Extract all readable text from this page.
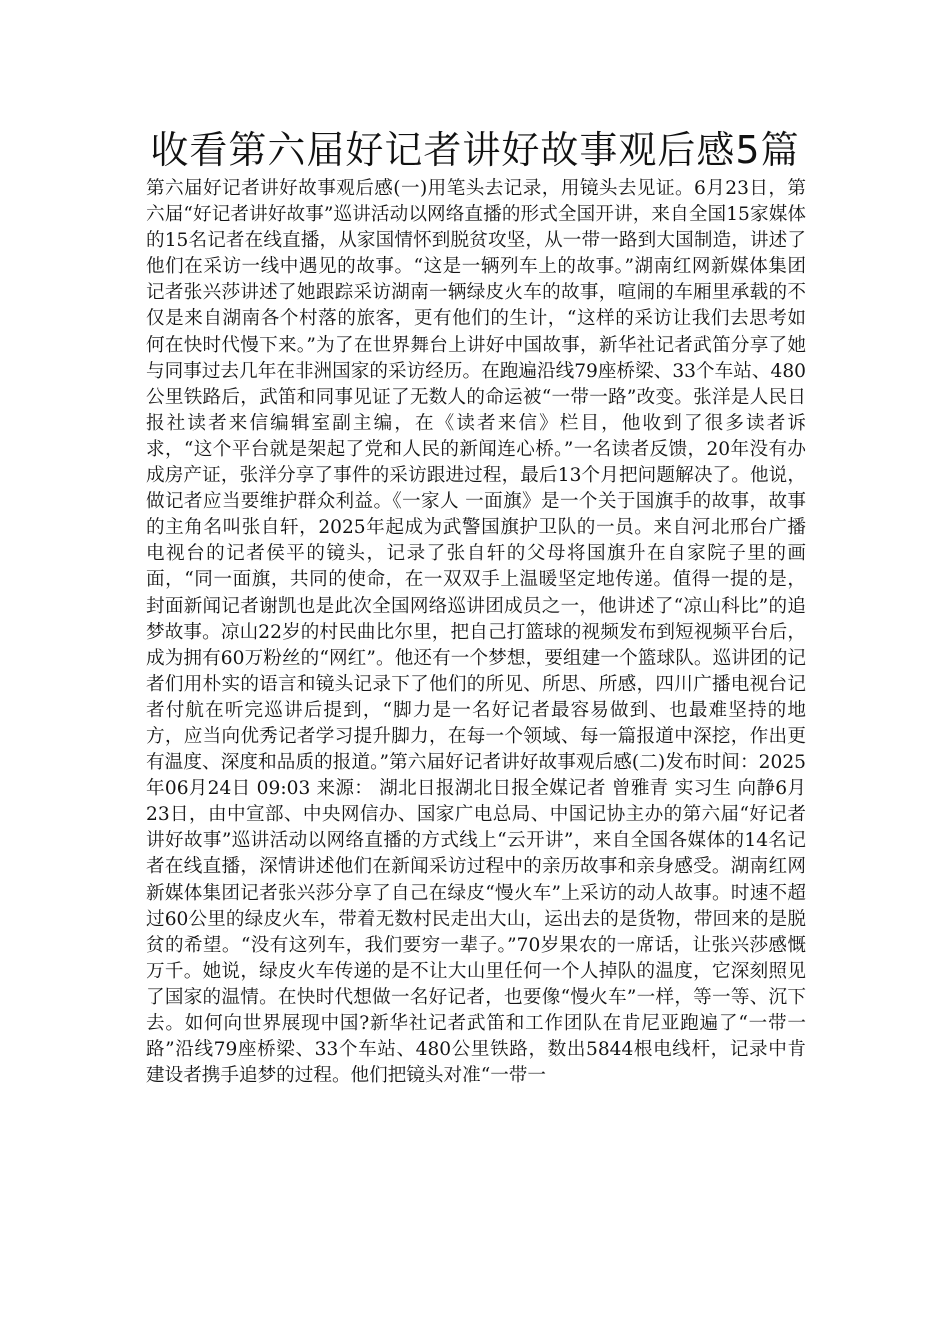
收看第六届好记者讲好故事观后感5篇

第六届好记者讲好故事观后感(一)用笔头去记录，用镜头去见证。6月23日，第六届“好记者讲好故事”巡讲活动以网络直播的形式全国开讲，来自全国15家媒体的15名记者在线直播，从家国情怀到脱贫攻坚，从一带一路到大国制造，讲述了他们在采访一线中遇见的故事。“这是一辆列车上的故事。”湖南红网新媒体集团记者张兴莎讲述了她跟踪采访湖南一辆绿皮火车的故事，喧闹的车厢里承载的不仅是来自湖南各个村落的旅客，更有他们的生计，“这样的采访让我们去思考如何在快时代慢下来。”为了在世界舞台上讲好中国故事，新华社记者武笛分享了她与同事过去几年在非洲国家的采访经历。在跑遍沿线79座桥梁、33个车站、480公里铁路后，武笛和同事见证了无数人的命运被“一带一路”改变。张洋是人民日报社读者来信编辑室副主编，在《读者来信》栏目，他收到了很多读者诉求，“这个平台就是架起了党和人民的新闻连心桥。”一名读者反馈，20年没有办成房产证，张洋分享了事件的采访跟进过程，最后13个月把问题解决了。他说，做记者应当要维护群众利益。《一家人 一面旗》是一个关于国旗手的故事，故事的主角名叫张自轩，2025年起成为武警国旗护卫队的一员。来自河北邢台广播电视台的记者侯平的镜头，记录了张自轩的父母将国旗升在自家院子里的画面，“同一面旗，共同的使命，在一双双手上温暖坚定地传递。值得一提的是，封面新闻记者谢凯也是此次全国网络巡讲团成员之一，他讲述了“凉山科比”的追梦故事。凉山22岁的村民曲比尔里，把自己打篮球的视频发布到短视频平台后，成为拥有60万粉丝的“网红”。他还有一个梦想，要组建一个篮球队。巡讲团的记者们用朴实的语言和镜头记录下了他们的所见、所思、所感，四川广播电视台记者付航在听完巡讲后提到，“脚力是一名好记者最容易做到、也最难坚持的地方，应当向优秀记者学习提升脚力，在每一个领域、每一篇报道中深挖，作出更有温度、深度和品质的报道。”第六届好记者讲好故事观后感(二)发布时间：2025年06月24日 09:03 来源： 湖北日报湖北日报全媒记者 曾雅青 实习生 向静6月23日，由中宣部、中央网信办、国家广电总局、中国记协主办的第六届“好记者讲好故事”巡讲活动以网络直播的方式线上“云开讲”，来自全国各媒体的14名记者在线直播，深情讲述他们在新闻采访过程中的亲历故事和亲身感受。湖南红网新媒体集团记者张兴莎分享了自己在绿皮“慢火车”上采访的动人故事。时速不超过60公里的绿皮火车，带着无数村民走出大山，运出去的是货物，带回来的是脱贫的希望。“没有这列车，我们要穷一辈子。”70岁果农的一席话，让张兴莎感慨万千。她说，绿皮火车传递的是不让大山里任何一个人掉队的温度，它深刻照见了国家的温情。在快时代想做一名好记者，也要像“慢火车”一样，等一等、沉下去。如何向世界展现中国?新华社记者武笛和工作团队在肯尼亚跑遍了“一带一路”沿线79座桥梁、33个车站、480公里铁路，数出5844根电线杆，记录中肯建设者携手追梦的过程。他们把镜头对准“一带一
